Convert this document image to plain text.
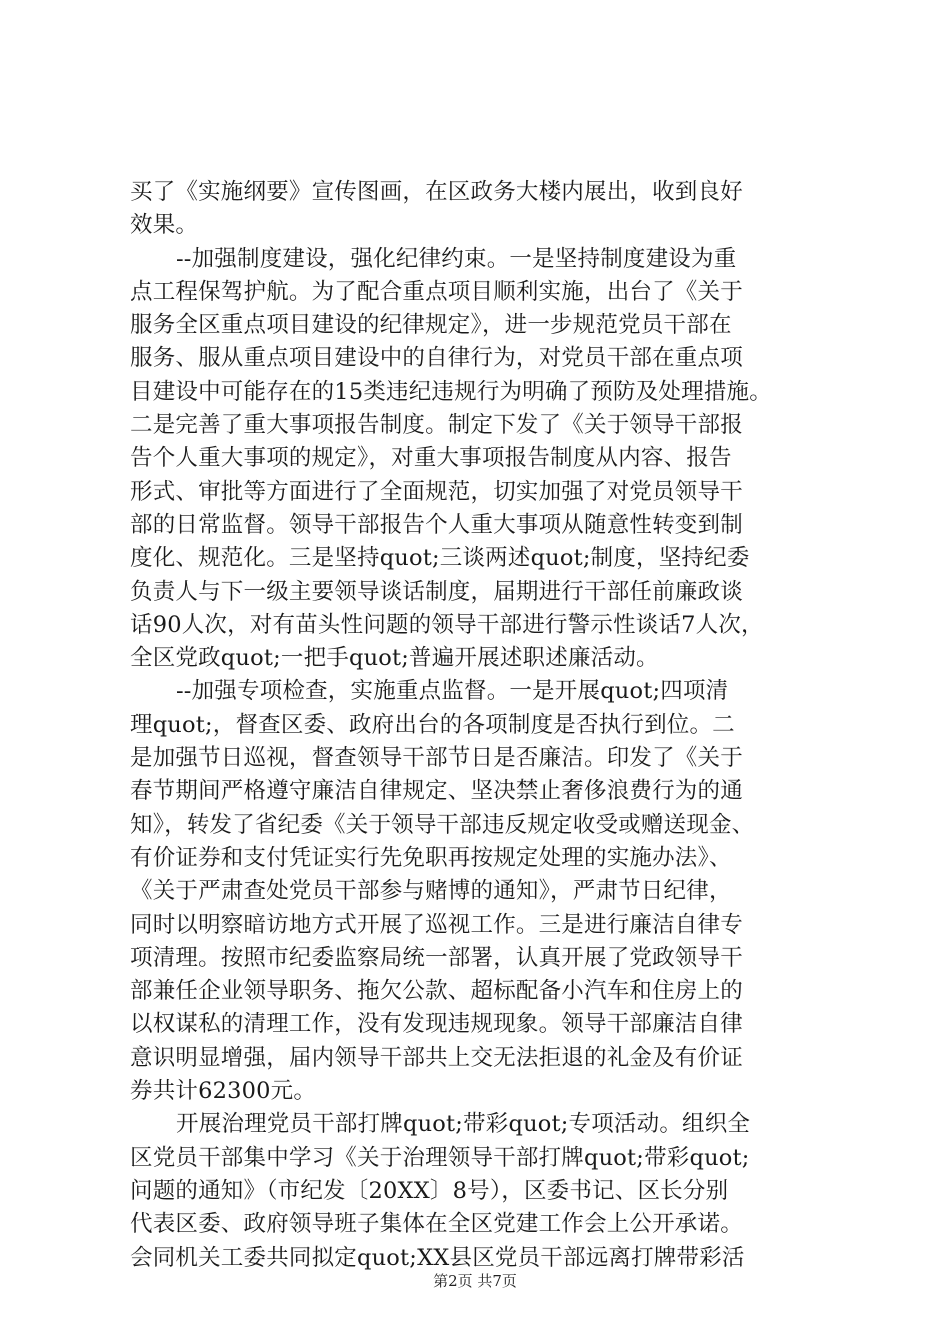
买了《实施纲要》宣传图画，在区政务大楼内展出，收到良好
效果。
--加强制度建设，强化纪律约束。一是坚持制度建设为重
点工程保驾护航。为了配合重点项目顺利实施，出台了《关于
服务全区重点项目建设的纪律规定》，进一步规范党员干部在
服务、服从重点项目建设中的自律行为，对党员干部在重点项
目建设中可能存在的15类违纪违规行为明确了预防及处理措施。
二是完善了重大事项报告制度。制定下发了《关于领导干部报
告个人重大事项的规定》，对重大事项报告制度从内容、报告
形式、审批等方面进行了全面规范，切实加强了对党员领导干
部的日常监督。领导干部报告个人重大事项从随意性转变到制
度化、规范化。三是坚持quot;三谈两述quot;制度，坚持纪委
负责人与下一级主要领导谈话制度，届期进行干部任前廉政谈
话90人次，对有苗头性问题的领导干部进行警示性谈话7人次，
全区党政quot;一把手quot;普遍开展述职述廉活动。
--加强专项检查，实施重点监督。一是开展quot;四项清
理quot;，督查区委、政府出台的各项制度是否执行到位。二
是加强节日巡视，督查领导干部节日是否廉洁。印发了《关于
春节期间严格遵守廉洁自律规定、坚决禁止奢侈浪费行为的通
知》，转发了省纪委《关于领导干部违反规定收受或赠送现金、
有价证券和支付凭证实行先免职再按规定处理的实施办法》、
《关于严肃查处党员干部参与赌博的通知》，严肃节日纪律，
同时以明察暗访地方式开展了巡视工作。三是进行廉洁自律专
项清理。按照市纪委监察局统一部署，认真开展了党政领导干
部兼任企业领导职务、拖欠公款、超标配备小汽车和住房上的
以权谋私的清理工作，没有发现违规现象。领导干部廉洁自律
意识明显增强，届内领导干部共上交无法拒退的礼金及有价证
券共计62300元。
开展治理党员干部打牌quot;带彩quot;专项活动。组织全
区党员干部集中学习《关于治理领导干部打牌quot;带彩quot;
问题的通知》（市纪发〔20XX〕8号），区委书记、区长分别
代表区委、政府领导班子集体在全区党建工作会上公开承诺。
会同机关工委共同拟定quot;XX县区党员干部远离打牌带彩活
第2页 共7页
